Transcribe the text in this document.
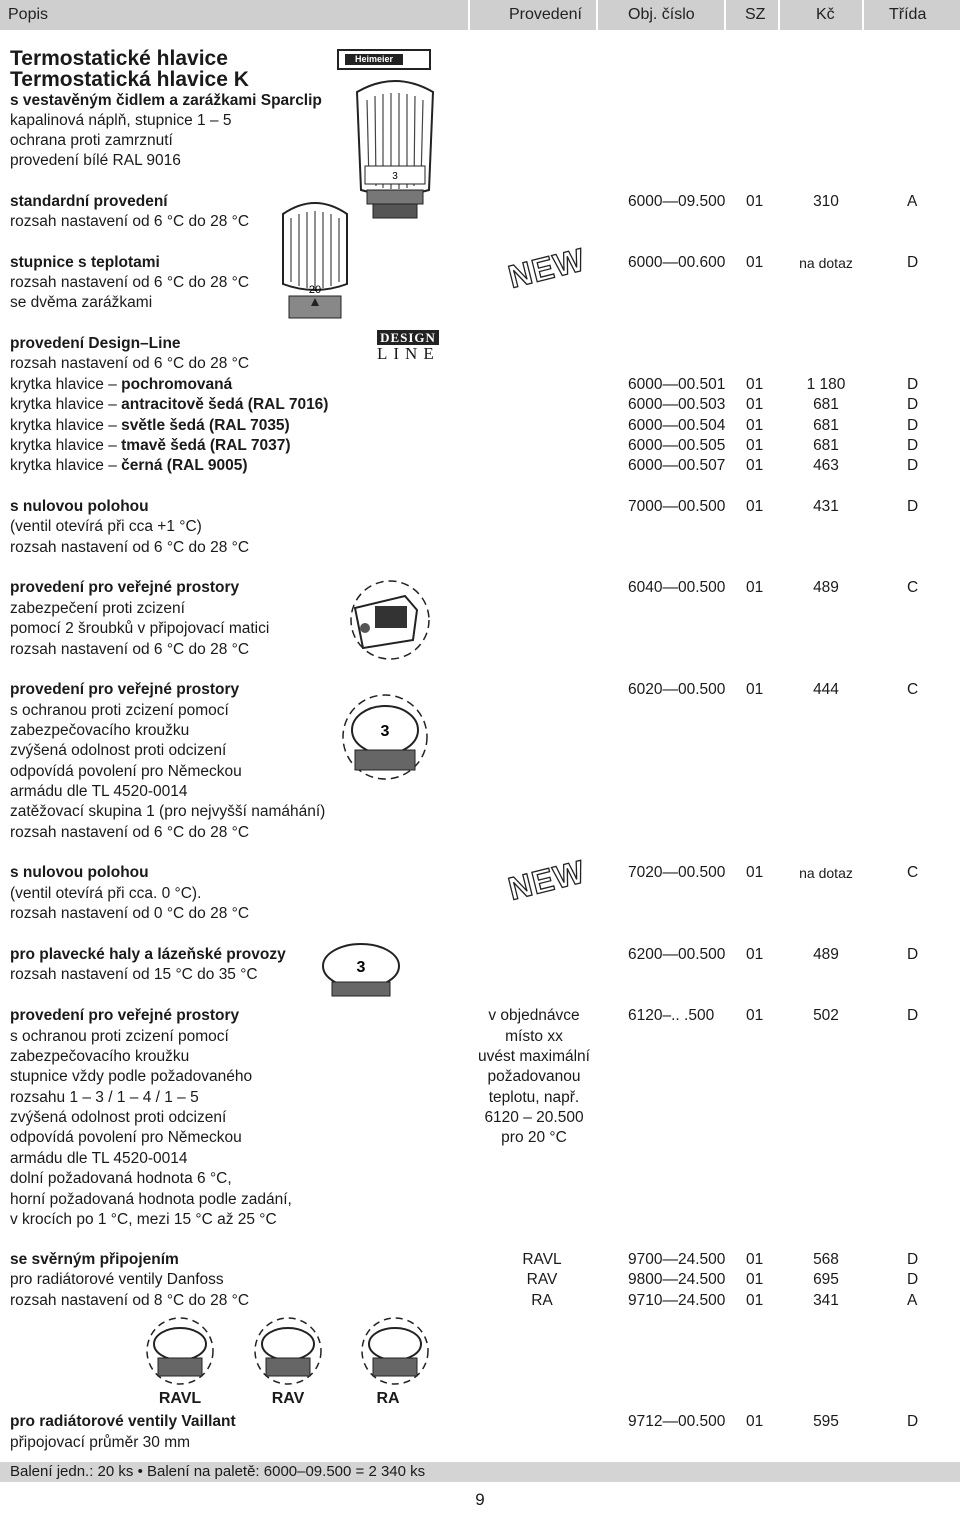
Popis	Provedení	Obj. číslo	SZ	Kč	Třída
Termostatické hlavice
Termostatická hlavice K
s vestavěným čidlem a zarážkami Sparclip
kapalinová náplň, stupnice 1 – 5
ochrana proti zamrznutí
provedení bílé RAL 9016
Heimeier
3
20	NEW
NEW
standardní provedení
rozsah nastavení od 6 °C do 28 °C
6000—09.500 01	310	A
stupnice s teplotami
rozsah nastavení od 6 °C do 28 °C
se dvěma zarážkami
6000—00.600 01	na dotaz	D
provedení Design–Line
rozsah nastavení od 6 °C do 28 °C
DESIGN
LINE
krytka hlavice – pochromovaná	6000—00.501 01	1 180	D
krytka hlavice – antracitově šedá (RAL 7016)	6000—00.503 01	681	D
krytka hlavice – světle šedá (RAL 7035)	6000—00.504 01	681	D
krytka hlavice – tmavě šedá (RAL 7037)	6000—00.505 01	681	D
krytka hlavice – černá (RAL 9005)	6000—00.507 01	463	D
s nulovou polohou
(ventil otevírá při cca +1 °C)
rozsah nastavení od 6 °C do 28 °C
7000—00.500 01	431	D
provedení pro veřejné prostory
zabezpečení proti zcizení
pomocí 2 šroubků v připojovací matici
rozsah nastavení od 6 °C do 28 °C
6040—00.500 01	489	C
provedení pro veřejné prostory
s ochranou proti zcizení pomocí
zabezpečovacího kroužku
zvýšená odolnost proti odcizení
odpovídá povolení pro Německou
armádu dle TL 4520-0014
zatěžovací skupina 1 (pro nejvyšší namáhání)
rozsah nastavení od 6 °C do 28 °C
6020—00.500 01	444	C
3
s nulovou polohou
(ventil otevírá při cca. 0 °C).
rozsah nastavení od 0 °C do 28 °C
7020—00.500 01	na dotaz	C
pro plavecké haly a lázeňské provozy
rozsah nastavení od 15 °C do 35 °C
6200—00.500 01	489	D
3
provedení pro veřejné prostory
s ochranou proti zcizení pomocí
zabezpečovacího kroužku
stupnice vždy podle požadovaného
rozsahu 1 – 3 / 1 – 4 / 1 – 5
zvýšená odolnost proti odcizení
odpovídá povolení pro Německou
armádu dle TL 4520-0014
dolní požadovaná hodnota 6 °C,
horní požadovaná hodnota podle zadání,
v krocích po 1 °C, mezi 15 °C až 25 °C
v objednávce
místo xx
uvést maximální
požadovanou
teplotu, např.
6120 – 20.500
pro 20 °C
6120–.. .500 01	502	D
se svěrným připojením
pro radiátorové ventily Danfoss
rozsah nastavení od 8 °C do 28 °C
RAVL	9700—24.500 01	568	D
RAV	9800—24.500 01	695	D
RA	9710—24.500 01	341	A
RAVL	RAV	RA
pro radiátorové ventily Vaillant
připojovací průměr 30 mm
9712—00.500 01	595	D
Balení jedn.: 20 ks • Balení na paletě: 6000–09.500 = 2 340 ks
9
